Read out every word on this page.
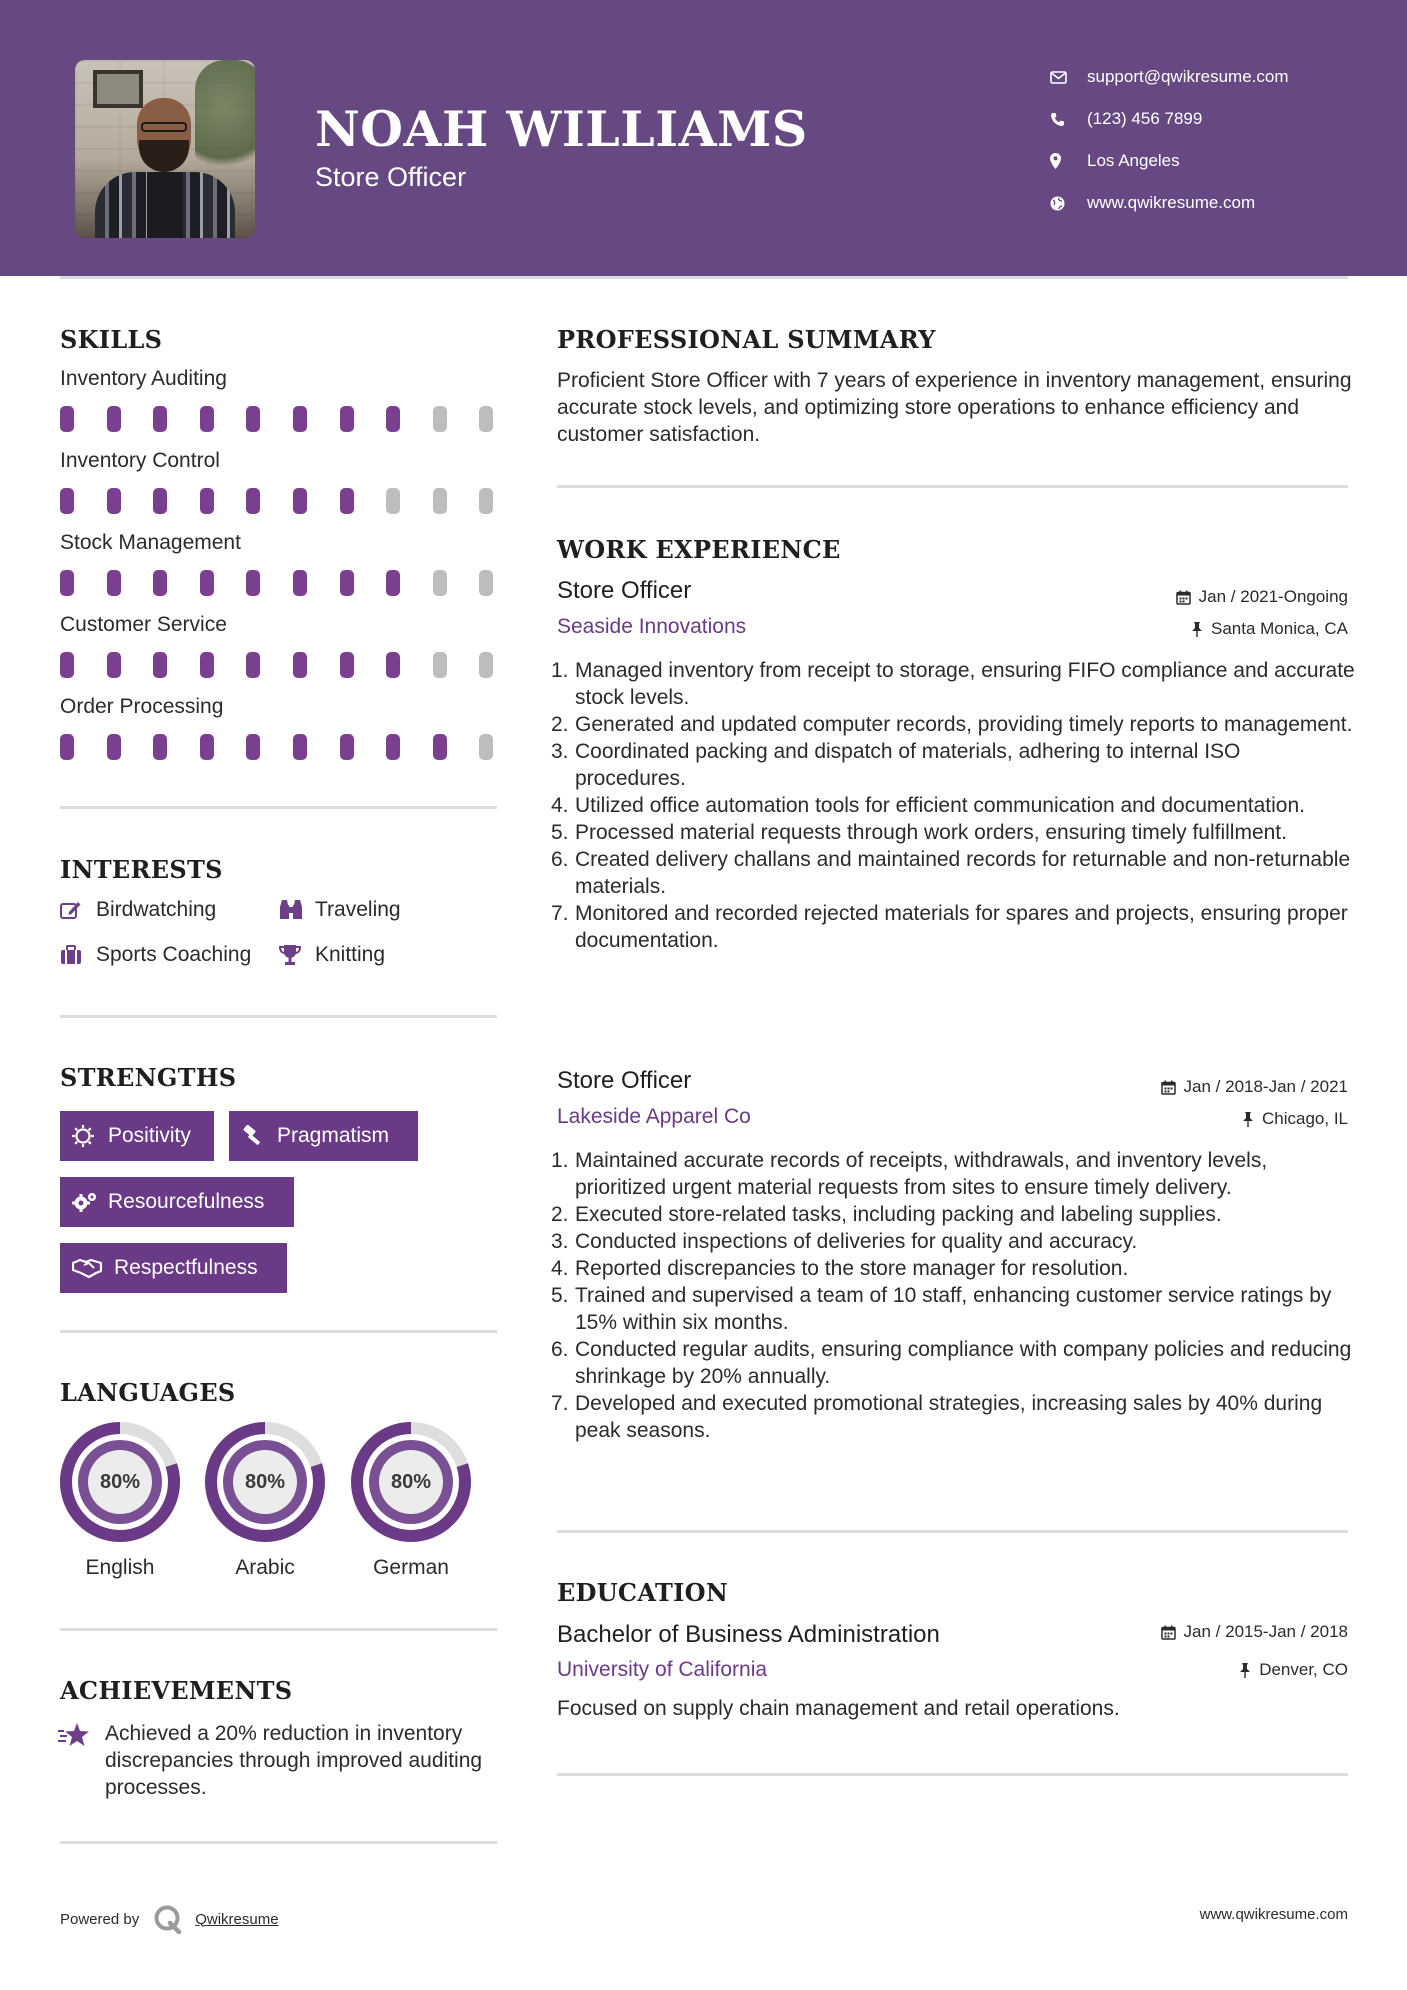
NOAH WILLIAMS
Store Officer
support@qwikresume.com
(123) 456 7899
Los Angeles
www.qwikresume.com
SKILLS
Inventory Auditing
Inventory Control
Stock Management
Customer Service
Order Processing
INTERESTS
Birdwatching	Traveling
Sports Coaching	Knitting
STRENGTHS
Positivity	Pragmatism
Resourcefulness
Respectfulness
LANGUAGES
80%
English
80%
Arabic
80%
German
ACHIEVEMENTS
Achieved a 20% reduction in inventory discrepancies through improved auditing processes.
PROFESSIONAL SUMMARY
Proficient Store Officer with 7 years of experience in inventory management, ensuring accurate stock levels, and optimizing store operations to enhance efficiency and customer satisfaction.
WORK EXPERIENCE
Store Officer	Jan / 2021-Ongoing
Seaside Innovations	Santa Monica, CA
1. Managed inventory from receipt to storage, ensuring FIFO compliance and accurate stock levels.
2. Generated and updated computer records, providing timely reports to management.
3. Coordinated packing and dispatch of materials, adhering to internal ISO procedures.
4. Utilized office automation tools for efficient communication and documentation.
5. Processed material requests through work orders, ensuring timely fulfillment.
6. Created delivery challans and maintained records for returnable and non-returnable materials.
7. Monitored and recorded rejected materials for spares and projects, ensuring proper documentation.
Store Officer	Jan / 2018-Jan / 2021
Lakeside Apparel Co	Chicago, IL
1. Maintained accurate records of receipts, withdrawals, and inventory levels, prioritized urgent material requests from sites to ensure timely delivery.
2. Executed store-related tasks, including packing and labeling supplies.
3. Conducted inspections of deliveries for quality and accuracy.
4. Reported discrepancies to the store manager for resolution.
5. Trained and supervised a team of 10 staff, enhancing customer service ratings by 15% within six months.
6. Conducted regular audits, ensuring compliance with company policies and reducing shrinkage by 20% annually.
7. Developed and executed promotional strategies, increasing sales by 40% during peak seasons.
EDUCATION
Bachelor of Business Administration	Jan / 2015-Jan / 2018
University of California	Denver, CO
Focused on supply chain management and retail operations.
Powered by	Qwikresume	www.qwikresume.com
